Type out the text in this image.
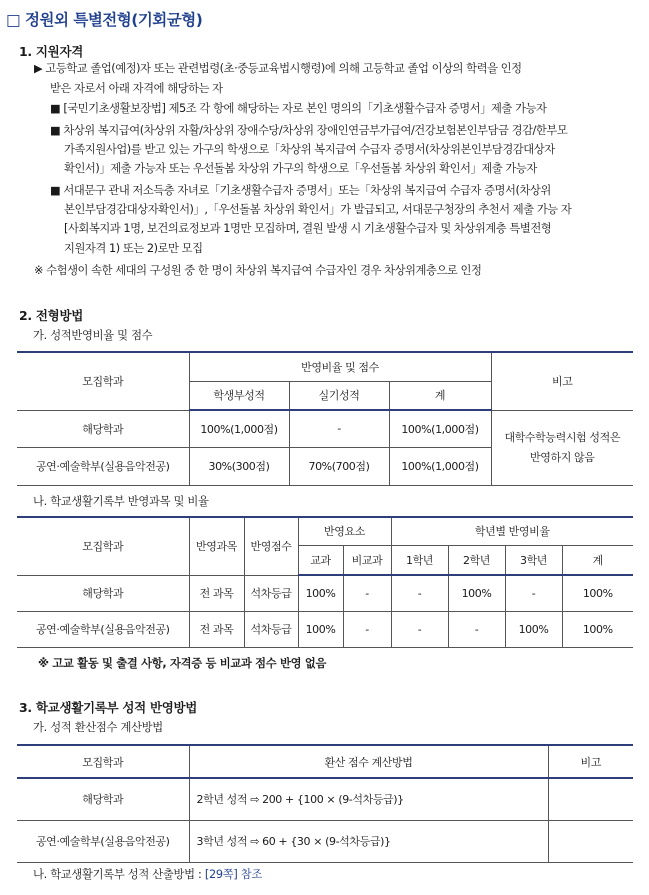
□ 정원외 특별전형(기회균형)
1. 지원자격
▶ 고등학교 졸업(예정)자 또는 관련법령(초·중등교육법시행령)에 의해 고등학교 졸업 이상의 학력을 인정
받은 자로서 아래 자격에 해당하는 자
■ [국민기초생활보장법] 제5조 각 항에 해당하는 자로 본인 명의의「기초생활수급자 증명서」제출 가능자
■ 차상위 복지급여(차상위 자활/차상위 장애수당/차상위 장애인연금부가급여/건강보험본인부담금 경감/한부모
가족지원사업)를 받고 있는 가구의 학생으로「차상위 복지급여 수급자 증명서(차상위본인부담경감대상자
확인서)」제출 가능자 또는 우선돌봄 차상위 가구의 학생으로「우선돌봄 차상위 확인서」제출 가능자
■ 서대문구 관내 저소득층 자녀로「기초생활수급자 증명서」또는「차상위 복지급여 수급자 증명서(차상위
본인부담경감대상자확인서)」,「우선돌봄 차상위 확인서」가 발급되고, 서대문구청장의 추천서 제출 가능 자
[사회복지과 1명, 보건의료정보과 1명만 모집하며, 결원 발생 시 기초생활수급자 및 차상위계층 특별전형
지원자격 1) 또는 2)로만 모집
※ 수험생이 속한 세대의 구성원 중 한 명이 차상위 복지급여 수급자인 경우 차상위계층으로 인정
2. 전형방법
가. 성적반영비율 및 점수
모집학과	반영비율 및 점수			비고
	학생부성적	실기성적	계	
해당학과	100%(1,000점)	-	100%(1,000점)	대학수학능력시험 성적은
반영하지 않음

공연·예술학부(실용음악전공)	30%(300점)	70%(700점)	100%(1,000점)	
나. 학교생활기록부 반영과목 및 비율
모집학과	반영과목	반영점수	반영요소		학년별 반영비율			
			교과	비교과	1학년	2학년	3학년	계
해당학과	전 과목	석차등급	100%	-	-	100%	-	100%
공연·예술학부(실용음악전공)	전 과목	석차등급	100%	-	-	-	100%	100%
※ 고교 활동 및 출결 사항, 자격증 등 비교과 점수 반영 없음
3. 학교생활기록부 성적 반영방법
가. 성적 환산점수 계산방법
모집학과	환산 점수 계산방법	비고
해당학과	2학년 성적 ⇨ 200 + {100 × (9-석차등급)}	
공연·예술학부(실용음악전공)	3학년 성적 ⇨ 60 + {30 × (9-석차등급)}	
나. 학교생활기록부 성적 산출방법 : [29쪽] 참조
